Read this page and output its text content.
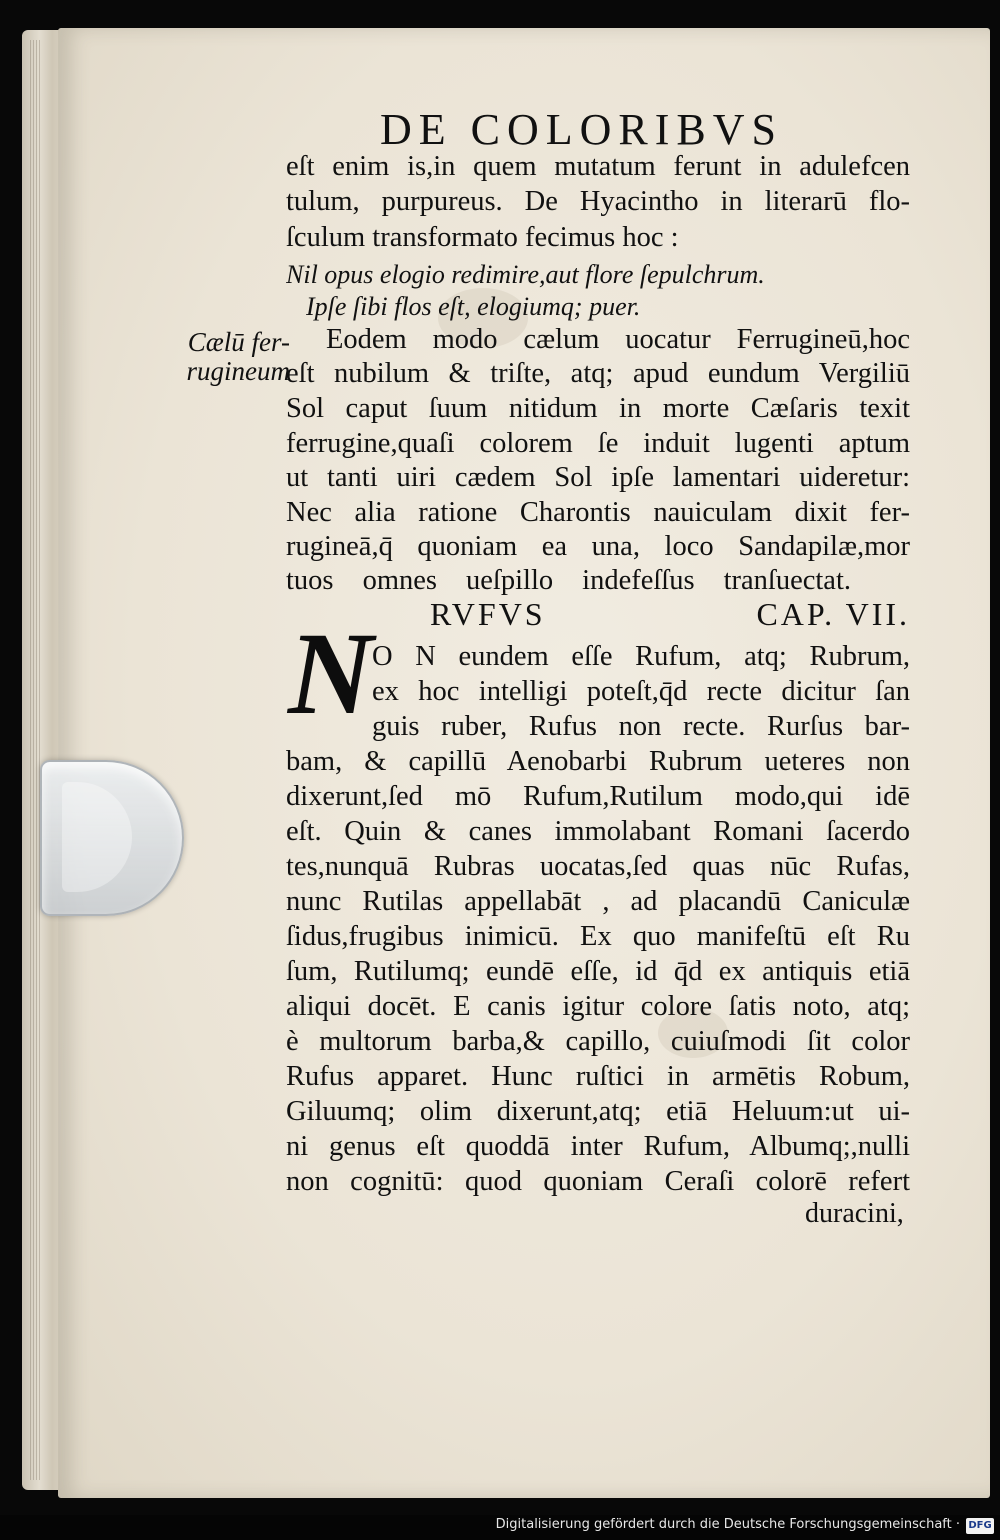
DE COLORIBVS
Cælū fer-
rugineum
eſt enim is,in quem mutatum ferunt in adulefcen
tulum, purpureus. De Hyacintho in literarū flo-
ſculum transformato fecimus hoc :
Nil opus elogio redimire,aut flore ſepulchrum.
Ipſe ſibi flos eſt, elogiumq; puer.
Eodem modo cælum uocatur Ferrugineū,hoc
eſt nubilum & triſte, atq; apud eundum Vergiliū
Sol caput ſuum nitidum in morte Cæſaris texit
ferrugine,quaſi colorem ſe induit lugenti aptum
ut tanti uiri cædem Sol ipſe lamentari uideretur:
Nec alia ratione Charontis nauiculam dixit fer-
rugineā,q̄ quoniam ea una, loco Sandapilæ,mor
tuos omnes ueſpillo indefeſſus tranſuectat.
RVFVS	CAP. VII.
N
O N eundem eſſe Rufum, atq; Rubrum,
ex hoc intelligi poteſt,q̄d recte dicitur ſan
guis ruber, Rufus non recte. Rurſus bar-
bam, & capillū Aenobarbi Rubrum ueteres non
dixerunt,ſed mō Rufum,Rutilum modo,qui idē
eſt. Quin & canes immolabant Romani ſacerdo
tes,nunquā Rubras uocatas,ſed quas nūc Rufas,
nunc Rutilas appellabāt , ad placandū Caniculæ
ſidus,frugibus inimicū. Ex quo manifeſtū eſt Ru
ſum, Rutilumq; eundē eſſe, id q̄d ex antiquis etiā
aliqui docēt. E canis igitur colore ſatis noto, atq;
è multorum barba,& capillo, cuiuſmodi ſit color
Rufus apparet. Hunc ruſtici in armētis Robum,
Giluumq; olim dixerunt,atq; etiā Heluum:ut ui-
ni genus eſt quoddā inter Rufum, Albumq;,nulli
non cognitū: quod quoniam Ceraſi colorē refert
duracini,
Digitalisierung gefördert durch die Deutsche Forschungsgemeinschaft · DFG
